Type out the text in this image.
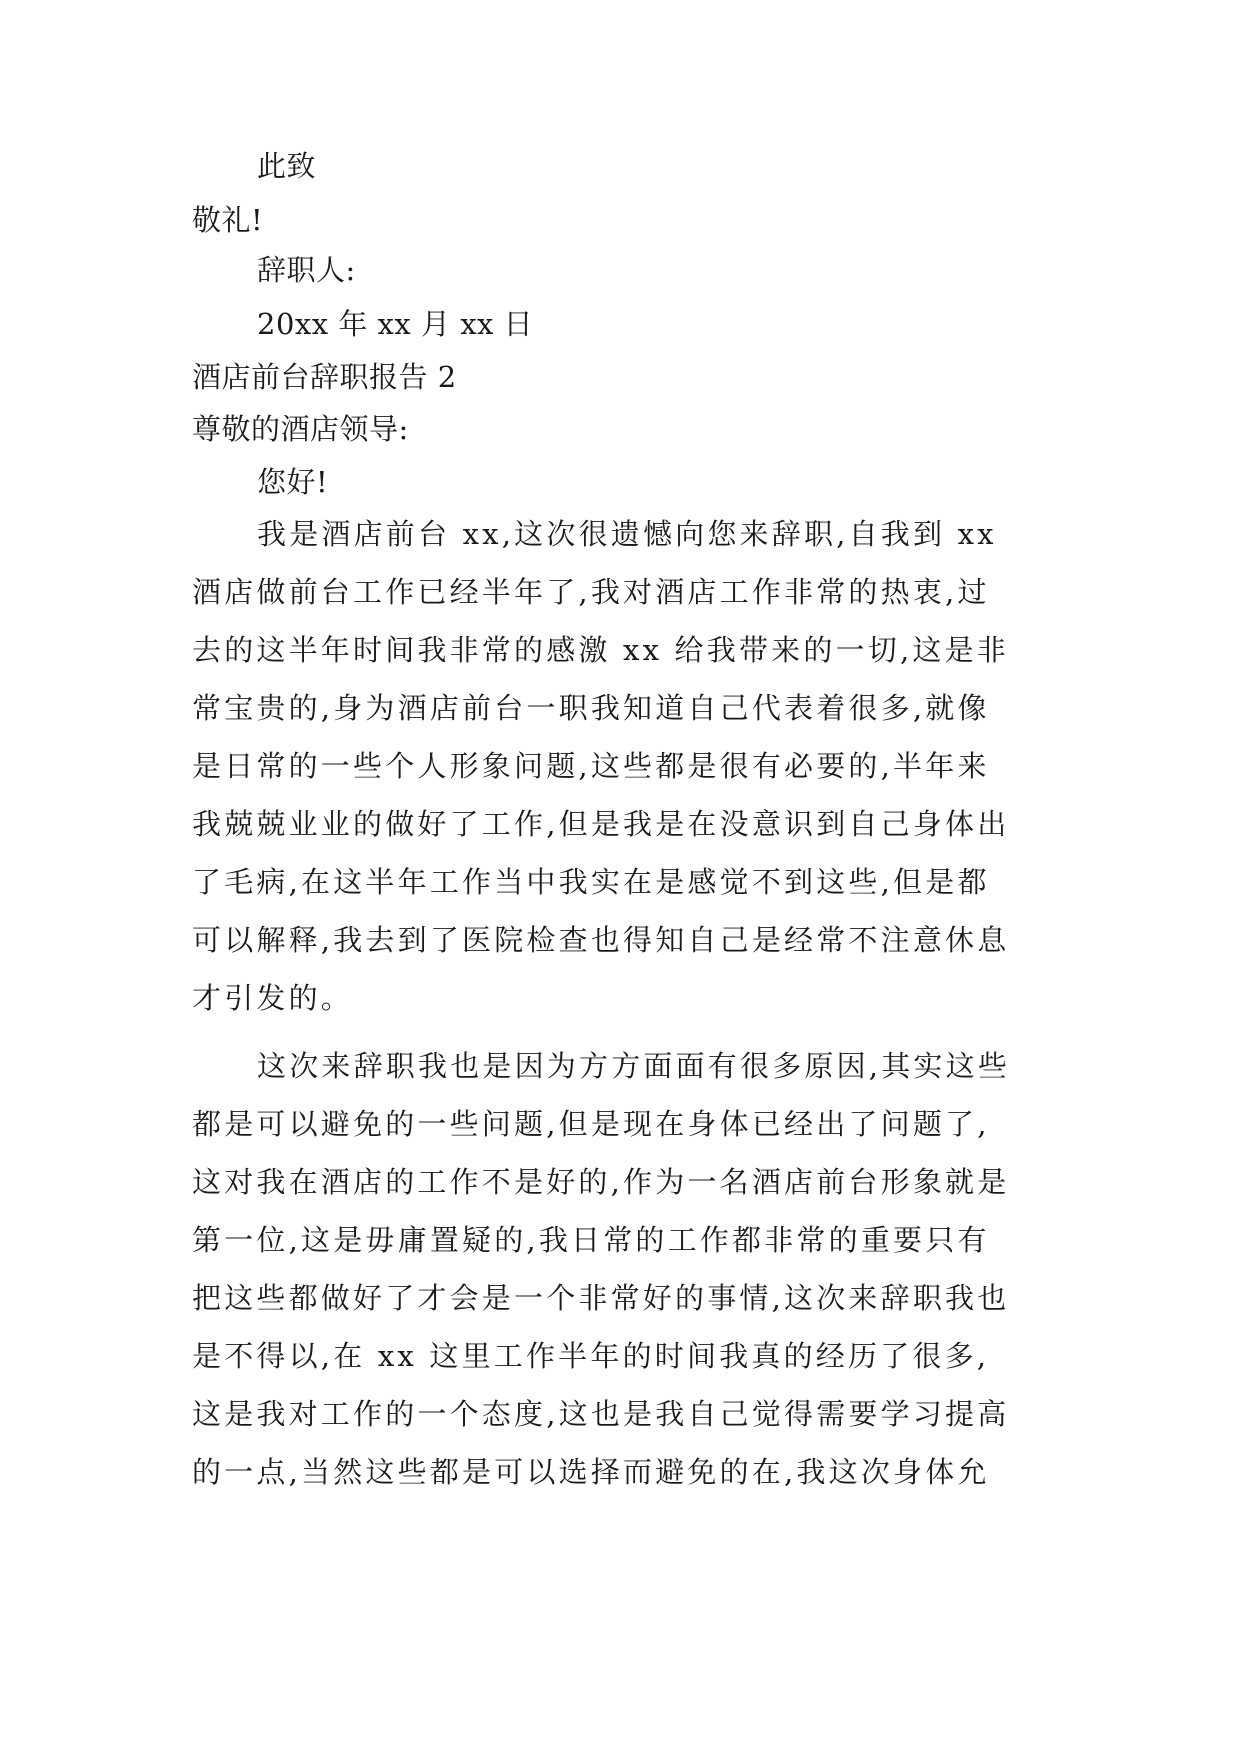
此致
敬礼!
辞职人:
20xx 年 xx 月 xx 日
酒店前台辞职报告 2
尊敬的酒店领导:
您好!
我是酒店前台 xx,这次很遗憾向您来辞职,自我到 xx
酒店做前台工作已经半年了,我对酒店工作非常的热衷,过
去的这半年时间我非常的感激 xx 给我带来的一切,这是非
常宝贵的,身为酒店前台一职我知道自己代表着很多,就像
是日常的一些个人形象问题,这些都是很有必要的,半年来
我兢兢业业的做好了工作,但是我是在没意识到自己身体出
了毛病,在这半年工作当中我实在是感觉不到这些,但是都
可以解释,我去到了医院检查也得知自己是经常不注意休息
才引发的。
这次来辞职我也是因为方方面面有很多原因,其实这些
都是可以避免的一些问题,但是现在身体已经出了问题了,
这对我在酒店的工作不是好的,作为一名酒店前台形象就是
第一位,这是毋庸置疑的,我日常的工作都非常的重要只有
把这些都做好了才会是一个非常好的事情,这次来辞职我也
是不得以,在 xx 这里工作半年的时间我真的经历了很多,
这是我对工作的一个态度,这也是我自己觉得需要学习提高
的一点,当然这些都是可以选择而避免的在,我这次身体允
